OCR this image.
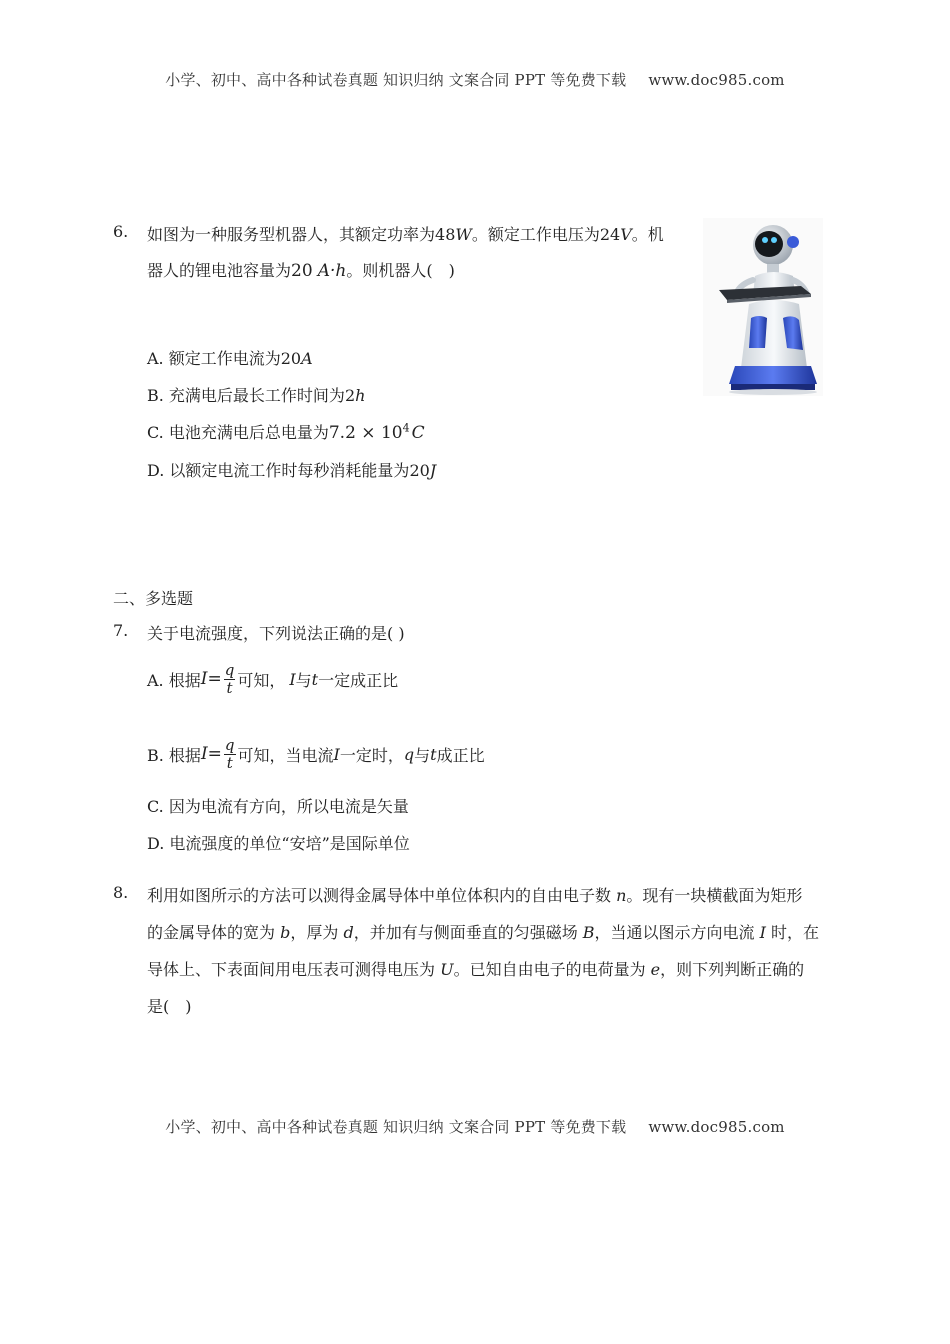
小学、初中、高中各种试卷真题 知识归纳 文案合同 PPT 等免费下载 www.doc985.com
6. 如图为一种服务型机器人，其额定功率为48W。额定工作电压为24V。机
器人的锂电池容量为20 A·h。则机器人(　)
A. 额定工作电流为20A
B. 充满电后最长工作时间为2h
C. 电池充满电后总电量为$7.2 \times 10^4$ C
D. 以额定电流工作时每秒消耗能量为20J
二、多选题
7. 关于电流强度，下列说法正确的是( )
A. 根据 $I = \frac{q}{t}$ 可知， I 与 t 一定成正比
B. 根据 $I = \frac{q}{t}$ 可知，当电流 I 一定时， q 与 t 成正比
C. 因为电流有方向，所以电流是矢量
D. 电流强度的单位“安培”是国际单位
8. 利用如图所示的方法可以测得金属导体中单位体积内的自由电子数 n。现有一块横截面为矩形
的金属导体的宽为 b，厚为 d，并加有与侧面垂直的匀强磁场 B，当通以图示方向电流 I 时，在
导体上、下表面间用电压表可测得电压为 U。已知自由电子的电荷量为 e，则下列判断正确的
是(　)
小学、初中、高中各种试卷真题 知识归纳 文案合同 PPT 等免费下载 www.doc985.com
